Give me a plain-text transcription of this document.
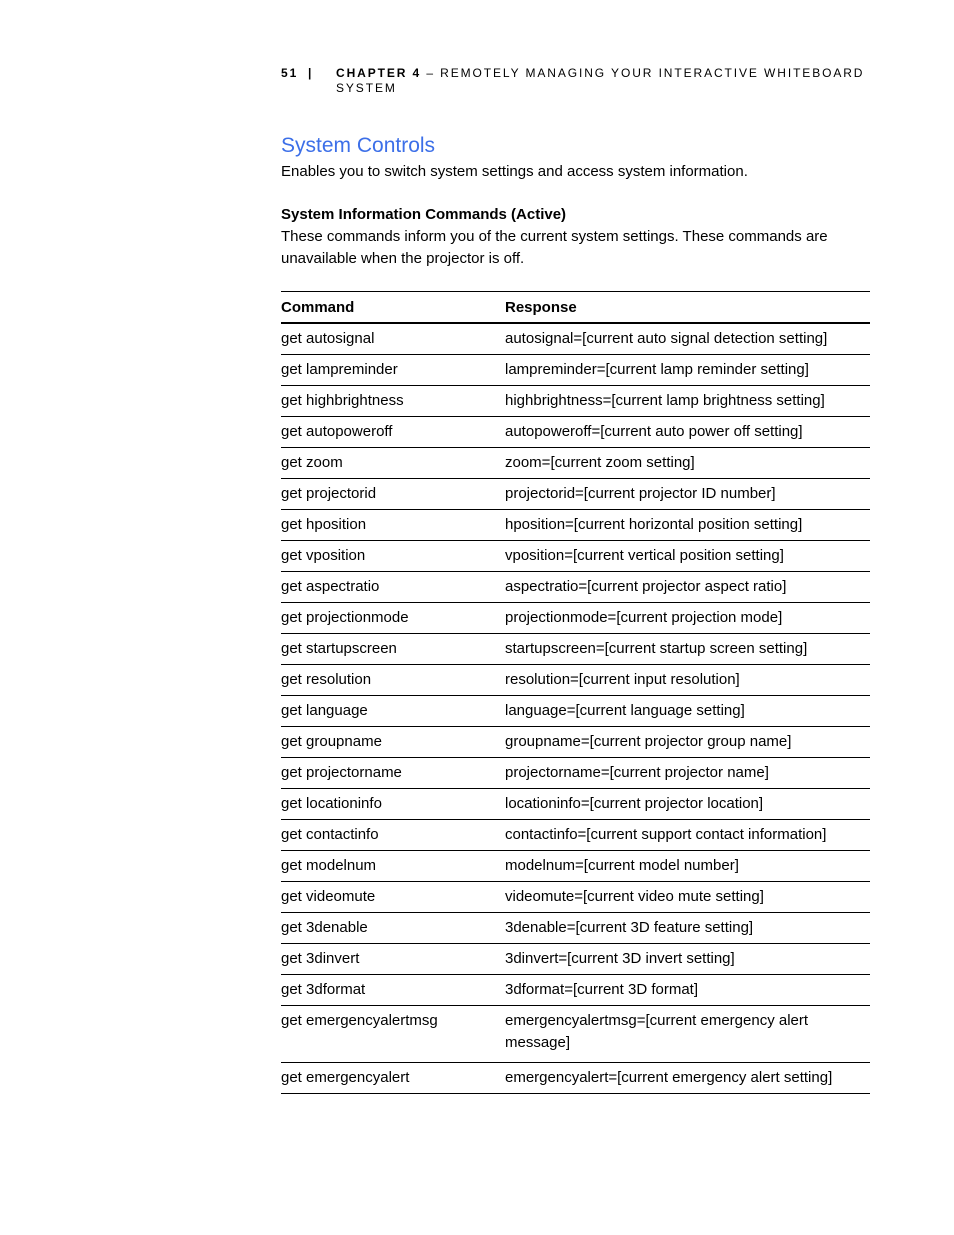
51 | CHAPTER 4 – REMOTELY MANAGING YOUR INTERACTIVE WHITEBOARD SYSTEM
System Controls

Enables you to switch system settings and access system information.

System Information Commands (Active)

These commands inform you of the current system settings. These commands are unavailable when the projector is off.

Command	Response
get autosignal	autosignal=[current auto signal detection setting]
get lampreminder	lampreminder=[current lamp reminder setting]
get highbrightness	highbrightness=[current lamp brightness setting]
get autopoweroff	autopoweroff=[current auto power off setting]
get zoom	zoom=[current zoom setting]
get projectorid	projectorid=[current projector ID number]
get hposition	hposition=[current horizontal position setting]
get vposition	vposition=[current vertical position setting]
get aspectratio	aspectratio=[current projector aspect ratio]
get projectionmode	projectionmode=[current projection mode]
get startupscreen	startupscreen=[current startup screen setting]
get resolution	resolution=[current input resolution]
get language	language=[current language setting]
get groupname	groupname=[current projector group name]
get projectorname	projectorname=[current projector name]
get locationinfo	locationinfo=[current projector location]
get contactinfo	contactinfo=[current support contact information]
get modelnum	modelnum=[current model number]
get videomute	videomute=[current video mute setting]
get 3denable	3denable=[current 3D feature setting]
get 3dinvert	3dinvert=[current 3D invert setting]
get 3dformat	3dformat=[current 3D format]
get emergencyalertmsg	emergencyalertmsg=[current emergency alert message]
get emergencyalert	emergencyalert=[current emergency alert setting]
